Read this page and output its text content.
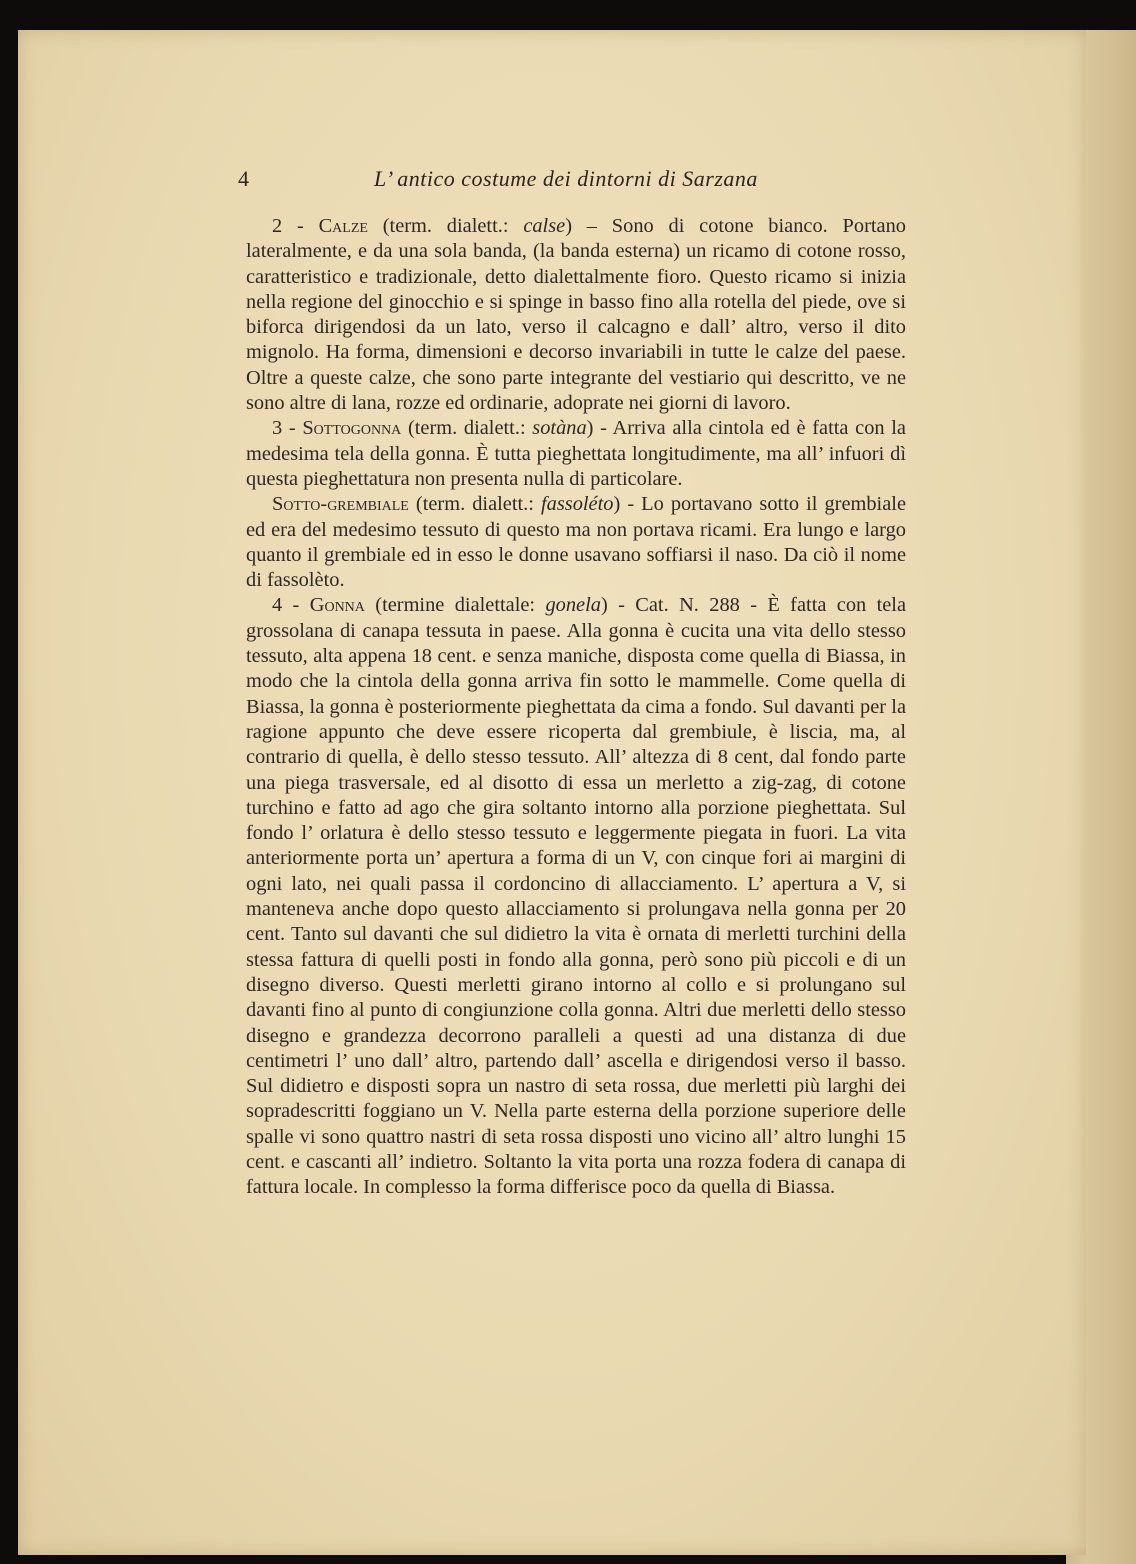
4	L’ antico costume dei dintorni di Sarzana

2 - Calze (term. dialett.: calse) – Sono di cotone bianco. Portano lateralmente, e da una sola banda, (la banda esterna) un ricamo di cotone rosso, caratteristico e tradizionale, detto dialettalmente fioro. Questo ricamo si inizia nella regione del ginocchio e si spinge in basso fino alla rotella del piede, ove si biforca dirigendosi da un lato, verso il calcagno e dall’ altro, verso il dito mignolo. Ha forma, dimensioni e decorso invariabili in tutte le calze del paese. Oltre a queste calze, che sono parte integrante del vestiario qui descritto, ve ne sono altre di lana, rozze ed ordinarie, adoprate nei giorni di lavoro.

3 - Sottogonna (term. dialett.: sotàna) - Arriva alla cintola ed è fatta con la medesima tela della gonna. È tutta pieghettata longitudimente, ma all’ infuori dì questa pieghettatura non presenta nulla di particolare.

Sotto-grembiale (term. dialett.: fassoléto) - Lo portavano sotto il grembiale ed era del medesimo tessuto di questo ma non portava ricami. Era lungo e largo quanto il grembiale ed in esso le donne usavano soffiarsi il naso. Da ciò il nome di fassolèto.

4 - Gonna (termine dialettale: gonela) - Cat. N. 288 - È fatta con tela grossolana di canapa tessuta in paese. Alla gonna è cucita una vita dello stesso tessuto, alta appena 18 cent. e senza maniche, disposta come quella di Biassa, in modo che la cintola della gonna arriva fin sotto le mammelle. Come quella di Biassa, la gonna è posteriormente pieghettata da cima a fondo. Sul davanti per la ragione appunto che deve essere ricoperta dal grembiule, è liscia, ma, al contrario di quella, è dello stesso tessuto. All’ altezza di 8 cent, dal fondo parte una piega trasversale, ed al disotto di essa un merletto a zig-zag, di cotone turchino e fatto ad ago che gira soltanto intorno alla porzione pieghettata. Sul fondo l’ orlatura è dello stesso tessuto e leggermente piegata in fuori. La vita anteriormente porta un’ apertura a forma di un V, con cinque fori ai margini di ogni lato, nei quali passa il cordoncino di allacciamento. L’ apertura a V, si manteneva anche dopo questo allacciamento si prolungava nella gonna per 20 cent. Tanto sul davanti che sul didietro la vita è ornata di merletti turchini della stessa fattura di quelli posti in fondo alla gonna, però sono più piccoli e di un disegno diverso. Questi merletti girano intorno al collo e si prolungano sul davanti fino al punto di congiunzione colla gonna. Altri due merletti dello stesso disegno e grandezza decorrono paralleli a questi ad una distanza di due centimetri l’ uno dall’ altro, partendo dall’ ascella e dirigendosi verso il basso. Sul didietro e disposti sopra un nastro di seta rossa, due merletti più larghi dei sopradescritti foggiano un V. Nella parte esterna della porzione superiore delle spalle vi sono quattro nastri di seta rossa disposti uno vicino all’ altro lunghi 15 cent. e cascanti all’ indietro. Soltanto la vita porta una rozza fodera di canapa di fattura locale. In complesso la forma differisce poco da quella di Biassa.
